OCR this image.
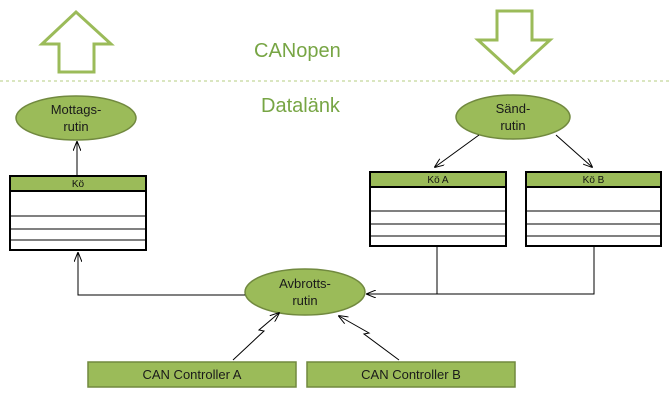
CANopen
Datalänk
Mottags-
rutin
Sänd-
rutin
Avbrotts-
rutin
Kö	Kö A	Kö B
CAN Controller A	CAN Controller B
